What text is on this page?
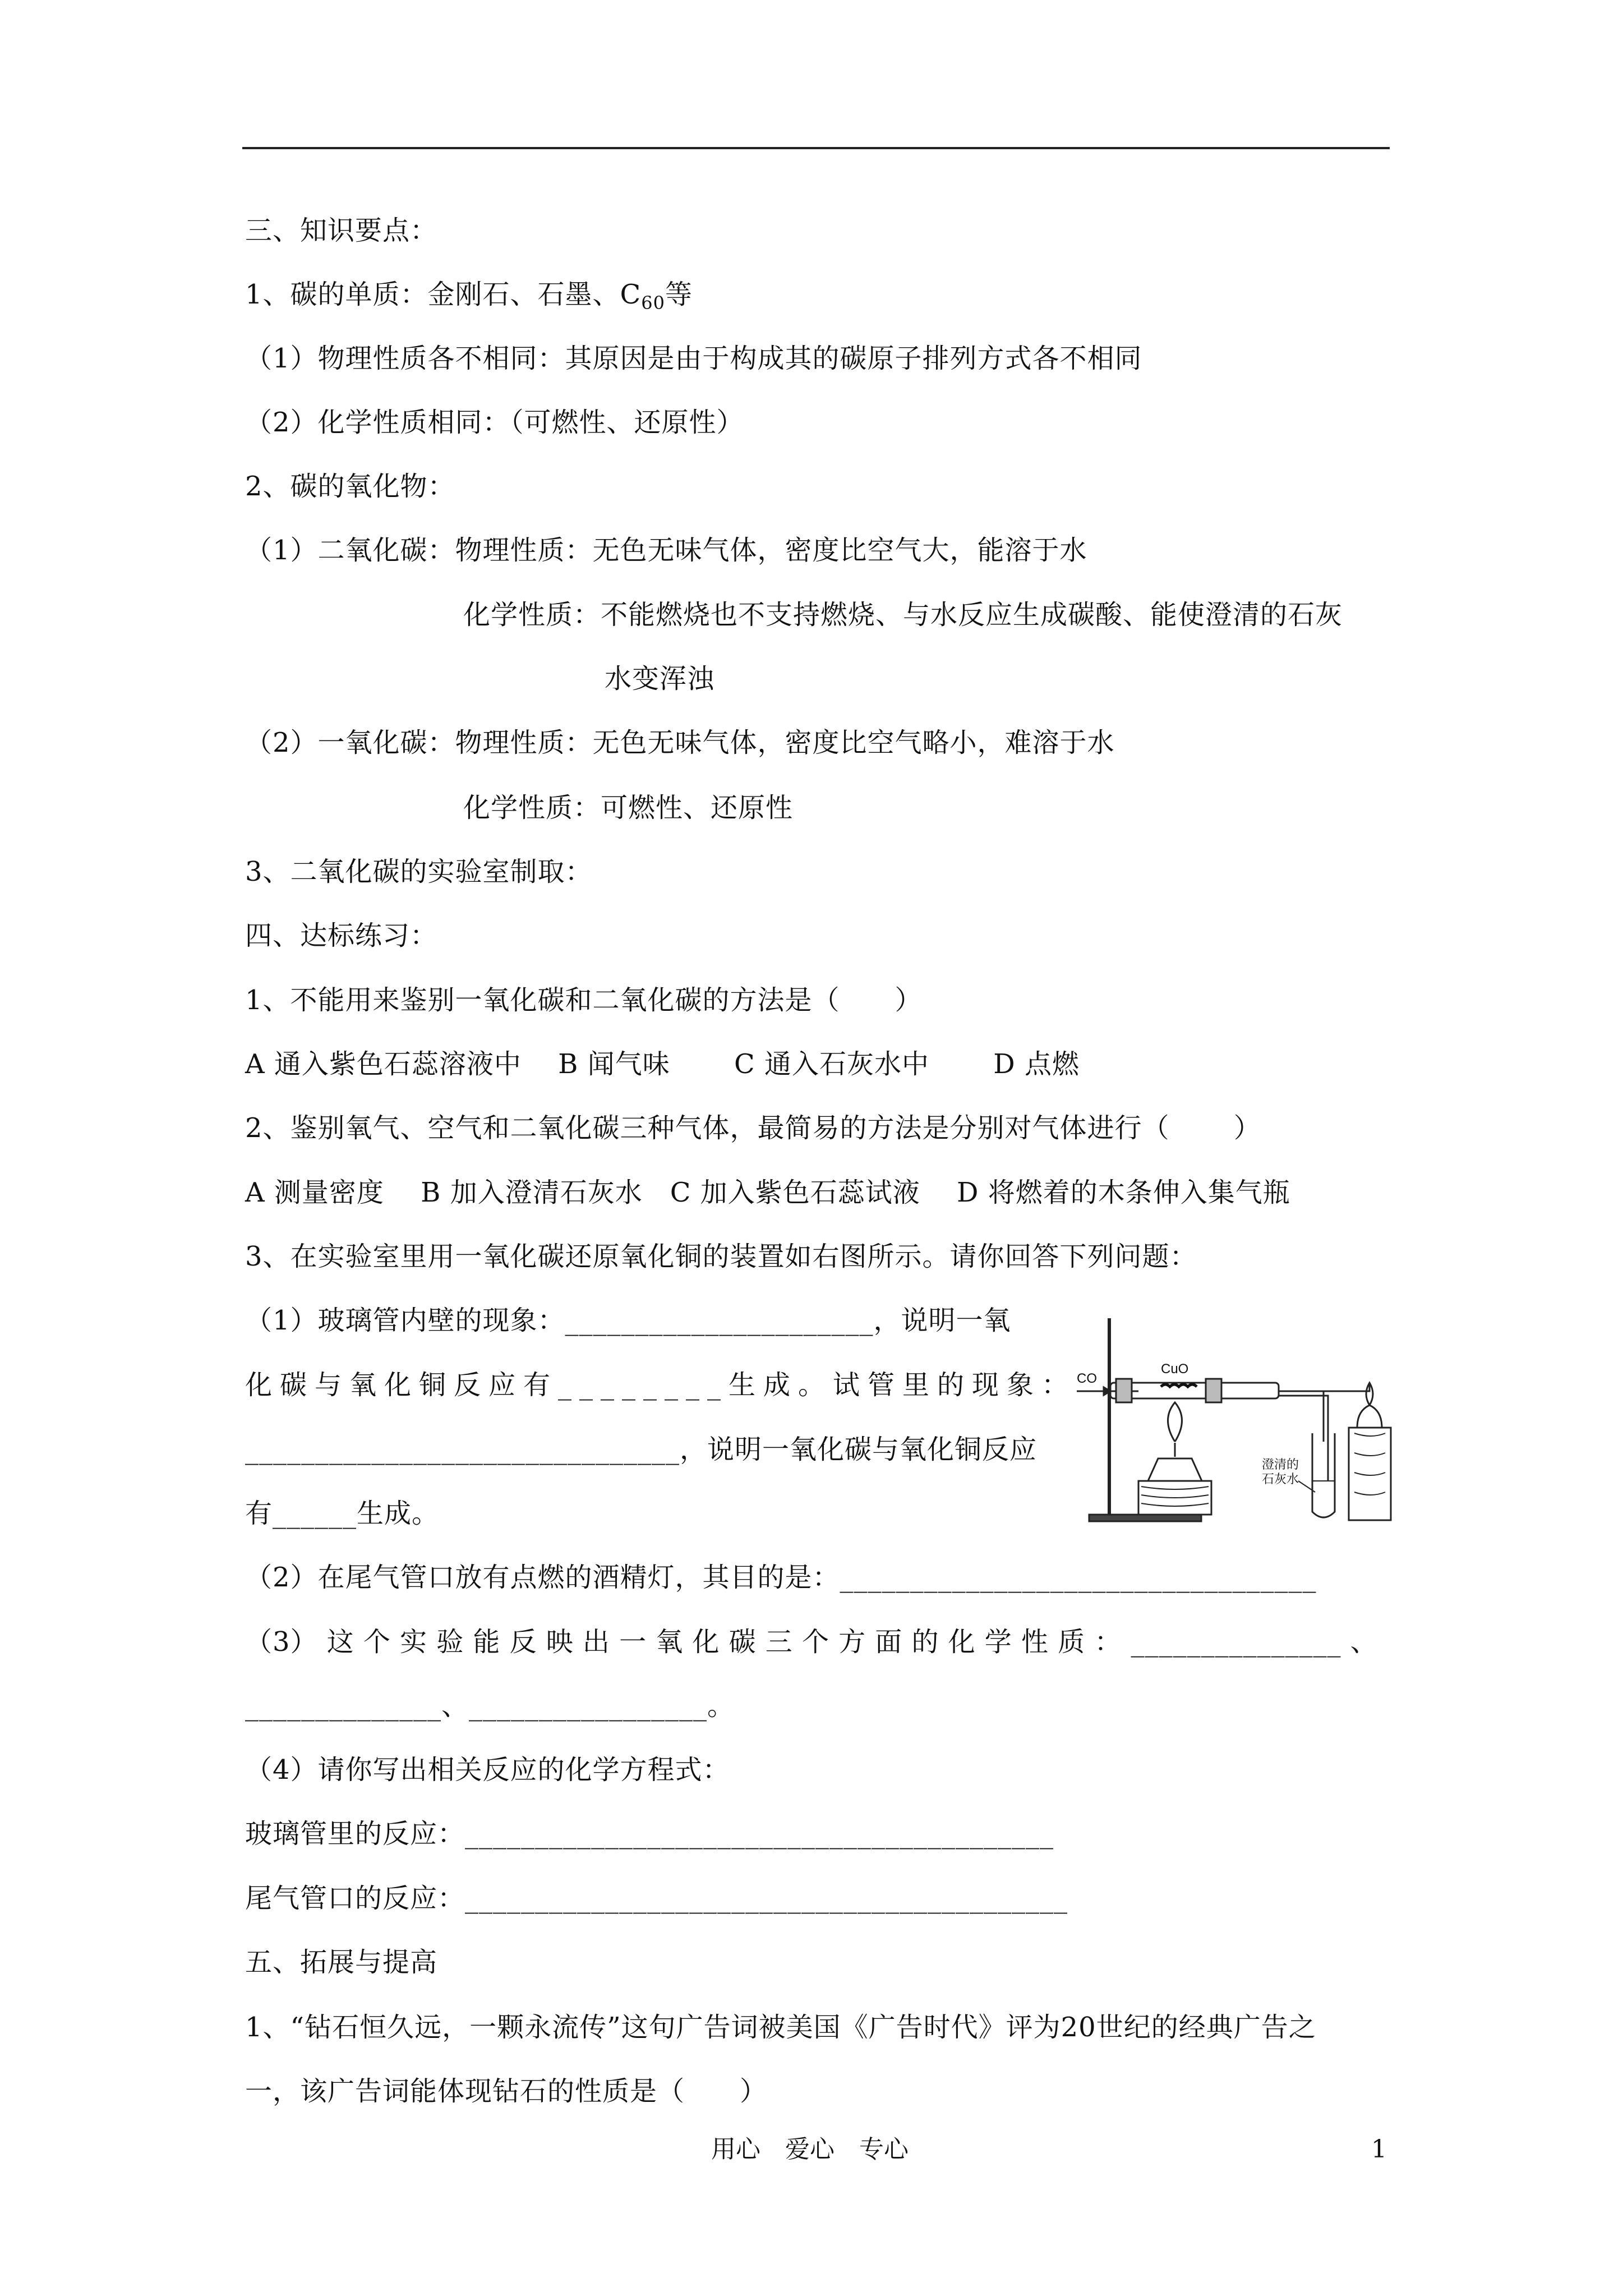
三、知识要点：
1、碳的单质：金刚石、石墨、$C_{60}$等
（1）物理性质各不相同：其原因是由于构成其的碳原子排列方式各不相同
（2）化学性质相同：（可燃性、还原性）
2、碳的氧化物：
（1）二氧化碳：物理性质：无色无味气体，密度比空气大，能溶于水
化学性质：不能燃烧也不支持燃烧、与水反应生成碳酸、能使澄清的石灰
水变浑浊
（2）一氧化碳：物理性质：无色无味气体，密度比空气略小，难溶于水
化学性质：可燃性、还原性
3、二氧化碳的实验室制取：
四、达标练习：
1、不能用来鉴别一氧化碳和二氧化碳的方法是（　　）
A 通入紫色石蕊溶液中　 B 闻气味　　 C 通入石灰水中　　 D 点燃
2、鉴别氧气、空气和二氧化碳三种气体，最简易的方法是分别对气体进行（　　 ）
A 测量密度　 B 加入澄清石灰水　C 加入紫色石蕊试液　 D 将燃着的木条伸入集气瓶
3、在实验室里用一氧化碳还原氧化铜的装置如右图所示。请你回答下列问题：
（1）玻璃管内壁的现象：______________________，说明一氧
化碳与氧化铜反应有________生成。试管里的现象：
_______________________________，说明一氧化碳与氧化铜反应
有______生成。
（2）在尾气管口放有点燃的酒精灯，其目的是：__________________________________
（3） 这 个 实 验 能 反 映 出 一 氧 化 碳 三 个 方 面 的 化 学 性 质 ： _______________ 、
______________、_________________。
（4）请你写出相关反应的化学方程式：
玻璃管里的反应：__________________________________________
尾气管口的反应：___________________________________________
五、拓展与提高
1、“钻石恒久远，一颗永流传”这句广告词被美国《广告时代》评为20世纪的经典广告之
一，该广告词能体现钻石的性质是（　　）
CO
CuO
澄清的
石灰水
用心　爱心　专心	1
